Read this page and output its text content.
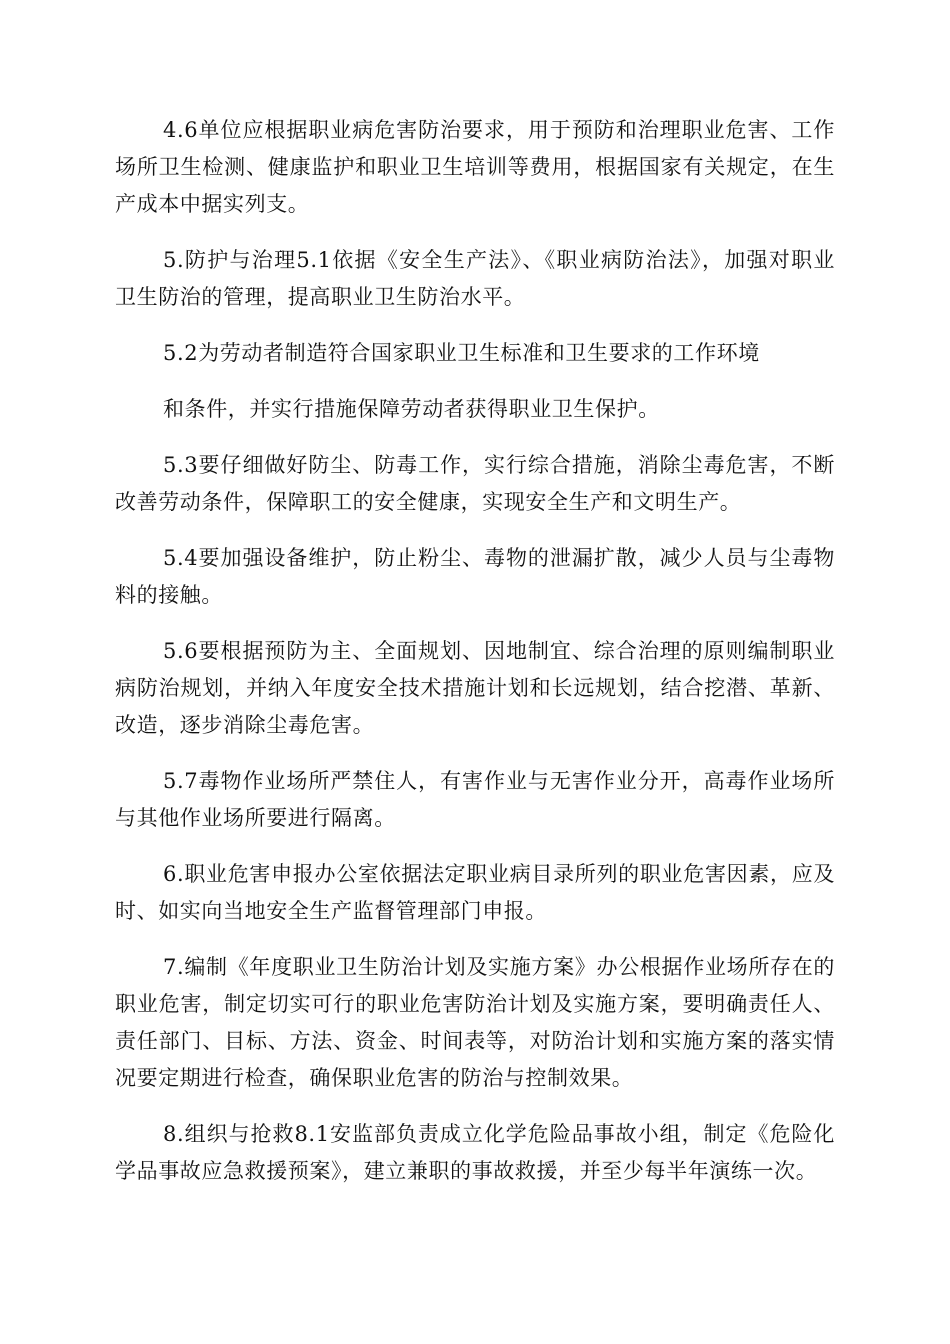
4.6单位应根据职业病危害防治要求，用于预防和治理职业危害、工作场所卫生检测、健康监护和职业卫生培训等费用，根据国家有关规定，在生产成本中据实列支。

5.防护与治理5.1依据《安全生产法》、《职业病防治法》，加强对职业卫生防治的管理，提高职业卫生防治水平。

5.2为劳动者制造符合国家职业卫生标准和卫生要求的工作环境

和条件，并实行措施保障劳动者获得职业卫生保护。

5.3要仔细做好防尘、防毒工作，实行综合措施，消除尘毒危害，不断改善劳动条件，保障职工的安全健康，实现安全生产和文明生产。

5.4要加强设备维护，防止粉尘、毒物的泄漏扩散，减少人员与尘毒物料的接触。

5.6要根据预防为主、全面规划、因地制宜、综合治理的原则编制职业病防治规划，并纳入年度安全技术措施计划和长远规划，结合挖潜、革新、改造，逐步消除尘毒危害。

5.7毒物作业场所严禁住人，有害作业与无害作业分开，高毒作业场所与其他作业场所要进行隔离。

6.职业危害申报办公室依据法定职业病目录所列的职业危害因素，应及时、如实向当地安全生产监督管理部门申报。

7.编制《年度职业卫生防治计划及实施方案》办公根据作业场所存在的职业危害，制定切实可行的职业危害防治计划及实施方案，要明确责任人、责任部门、目标、方法、资金、时间表等，对防治计划和实施方案的落实情况要定期进行检查，确保职业危害的防治与控制效果。

8.组织与抢救8.1安监部负责成立化学危险品事故小组，制定《危险化学品事故应急救援预案》，建立兼职的事故救援，并至少每半年演练一次。
